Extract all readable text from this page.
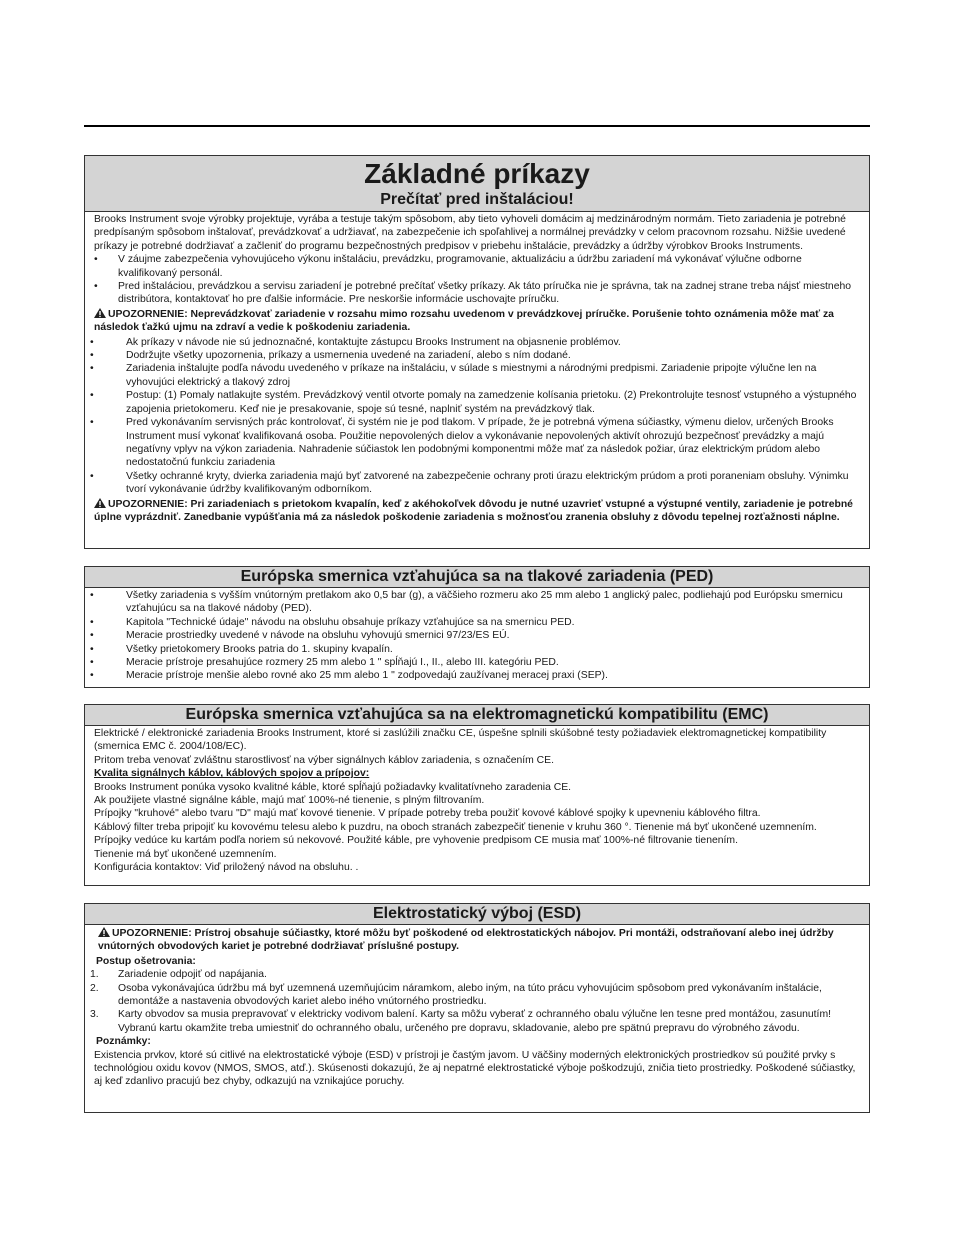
Základné príkazy
Prečítať pred inštaláciou!

Brooks Instrument svoje výrobky projektuje, vyrába a testuje takým spôsobom, aby tieto vyhoveli domácim aj medzinárodným normám. Tieto zariadenia je potrebné predpísaným spôsobom inštalovať, prevádzkovať a udržiavať, na zabezpečenie ich spoľahlivej a normálnej prevádzky v celom pracovnom rozsahu. Nižšie uvedené príkazy je potrebné dodržiavať a začleniť do programu bezpečnostných predpisov v priebehu inštalácie, prevádzky a údržby výrobkov Brooks Instruments.

•	V záujme zabezpečenia vyhovujúceho výkonu inštaláciu, prevádzku, programovanie, aktualizáciu a údržbu zariadení má vykonávať výlučne odborne kvalifikovaný personál.
•	Pred inštaláciou, prevádzkou a servisu zariadení je potrebné prečítať všetky príkazy. Ak táto príručka nie je správna, tak na zadnej strane treba nájsť miestneho distribútora, kontaktovať ho pre ďalšie informácie. Pre neskoršie informácie uschovajte príručku.

UPOZORNENIE: Neprevádzkovať zariadenie v rozsahu mimo rozsahu uvedenom v prevádzkovej príručke. Porušenie tohto oznámenia môže mať za následok ťažkú ujmu na zdraví a vedie k poškodeniu zariadenia.

•	Ak príkazy v návode nie sú jednoznačné, kontaktujte zástupcu Brooks Instrument na objasnenie problémov.
•	Dodržujte všetky upozornenia, príkazy a usmernenia uvedené na zariadení, alebo s ním dodané.
•	Zariadenia inštalujte podľa návodu uvedeného v príkaze na inštaláciu, v súlade s miestnymi a národnými predpismi. Zariadenie pripojte výlučne len na vyhovujúci elektrický a tlakový zdroj
•	Postup: (1) Pomaly natlakujte systém. Prevádzkový ventil otvorte pomaly na zamedzenie kolísania prietoku. (2) Prekontrolujte tesnosť vstupného a výstupného zapojenia prietokomeru. Keď nie je presakovanie, spoje sú tesné, naplniť systém na prevádzkový tlak.
•	Pred vykonávaním servisných prác kontrolovať, či systém nie je pod tlakom. V prípade, že je potrebná výmena súčiastky, výmenu dielov, určených Brooks Instrument musí vykonať kvalifikovaná osoba. Použitie nepovolených dielov a vykonávanie nepovolených aktivít ohrozujú bezpečnosť prevádzky a majú negatívny vplyv na výkon zariadenia. Nahradenie súčiastok len podobnými komponentmi môže mať za následok požiar, úraz elektrickým prúdom alebo nedostatočnú funkciu zariadenia
•	Všetky ochranné kryty, dvierka zariadenia majú byť zatvorené na zabezpečenie ochrany proti úrazu elektrickým prúdom a proti poraneniam obsluhy. Výnimku tvorí vykonávanie údržby kvalifikovaným odborníkom.

UPOZORNENIE: Pri zariadeniach s prietokom kvapalín, keď z akéhokoľvek dôvodu je nutné uzavrieť vstupné a výstupné ventily, zariadenie je potrebné úplne vyprázdniť. Zanedbanie vypúšťania má za následok poškodenie zariadenia s možnosťou zranenia obsluhy z dôvodu tepelnej rozťažnosti náplne.

Európska smernica vzťahujúca sa na tlakové zariadenia (PED)
•	Všetky zariadenia s vyšším vnútorným pretlakom ako 0,5 bar (g), a väčšieho rozmeru ako 25 mm alebo 1 anglický palec, podliehajú pod Európsku smernicu vzťahujúcu sa na tlakové nádoby (PED).
•	Kapitola "Technické údaje" návodu na obsluhu obsahuje príkazy vzťahujúce sa na smernicu PED.
•	Meracie prostriedky uvedené v návode na obsluhu vyhovujú smernici 97/23/ES EÚ.
•	Všetky prietokomery Brooks patria do 1. skupiny kvapalín.
•	Meracie prístroje presahujúce rozmery 25 mm alebo 1 " spĺňajú I., II., alebo III. kategóriu PED.
•	Meracie prístroje menšie alebo rovné ako 25 mm alebo 1 " zodpovedajú zaužívanej meracej praxi (SEP).
Európska smernica vzťahujúca sa na elektromagnetickú kompatibilitu (EMC)

Elektrické / elektronické zariadenia Brooks Instrument, ktoré si zaslúžili značku CE, úspešne splnili skúšobné testy požiadaviek elektromagnetickej kompatibility (smernica EMC č. 2004/108/EC).

Pritom treba venovať zvláštnu starostlivosť na výber signálnych káblov zariadenia, s označením CE.

Kvalita signálnych káblov, káblových spojov a prípojov:

Brooks Instrument ponúka vysoko kvalitné káble, ktoré spĺňajú požiadavky kvalitatívneho zaradenia CE.

Ak použijete vlastné signálne káble, majú mať 100%-né tienenie, s plným filtrovaním.

Prípojky "kruhové" alebo tvaru "D" majú mať kovové tienenie. V prípade potreby treba použiť kovové káblové spojky k upevneniu káblového filtra.

Káblový filter treba pripojiť ku kovovému telesu alebo k puzdru, na oboch stranách zabezpečiť tienenie v kruhu 360 °. Tienenie má byť ukončené uzemnením.

Prípojky vedúce ku kartám podľa noriem sú nekovové. Použité káble, pre vyhovenie predpisom CE musia mať 100%-né filtrovanie tienením.

Tienenie má byť ukončené uzemnením.

Konfigurácia kontaktov: Viď priložený návod na obsluhu. .

Elektrostatický výboj (ESD)

UPOZORNENIE: Prístroj obsahuje súčiastky, ktoré môžu byť poškodené od elektrostatických nábojov. Pri montáži, odstraňovaní alebo inej údržby vnútorných obvodových kariet je potrebné dodržiavať príslušné postupy.

Postup ošetrovania:

1.	Zariadenie odpojiť od napájania.
2.	Osoba vykonávajúca údržbu má byť uzemnená uzemňujúcim náramkom, alebo iným, na túto prácu vyhovujúcim spôsobom pred vykonávaním inštalácie, demontáže a nastavenia obvodových kariet alebo iného vnútorného prostriedku.
3.	Karty obvodov sa musia prepravovať v elektricky vodivom balení. Karty sa môžu vyberať z ochranného obalu výlučne len tesne pred montážou, zasunutím! Vybranú kartu okamžite treba umiestniť do ochranného obalu, určeného pre dopravu, skladovanie, alebo pre spätnú prepravu do výrobného závodu.

Poznámky:

Existencia prvkov, ktoré sú citlivé na elektrostatické výboje (ESD) v prístroji je častým javom. U väčšiny moderných elektronických prostriedkov sú použité prvky s technológiou oxidu kovov (NMOS, SMOS, atď.). Skúsenosti dokazujú, že aj nepatrné elektrostatické výboje poškodzujú, zničia tieto prostriedky. Poškodené súčiastky, aj keď zdanlivo pracujú bez chyby, odkazujú na vznikajúce poruchy.
